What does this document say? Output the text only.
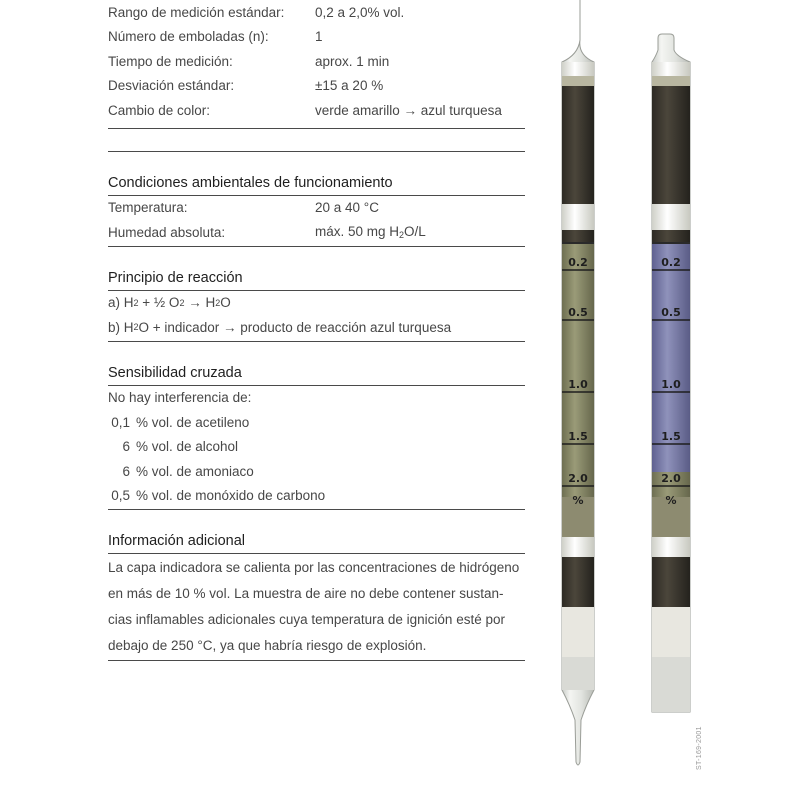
Rango de medición estándar:	0,2 a 2,0% vol.
Número de emboladas (n):	1
Tiempo de medición:	aprox. 1 min
Desviación estándar:	±15 a 20 %
Cambio de color:	verde amarillo → azul turquesa
Condiciones ambientales de funcionamiento
Temperatura:	20 a 40 °C
Humedad absoluta:	máx. 50 mg $H_2O/L$
Principio de reacción
a) H 2 + ½ O 2 → H 2 O
b) H 2 O + indicador → producto de reacción azul turquesa
Sensibilidad cruzada
No hay interferencia de:
0,1 % vol. de acetileno
6 % vol. de alcohol
6 % vol. de amoniaco
0,5 % vol. de monóxido de carbono
Información adicional
La capa indicadora se calienta por las concentraciones de hidrógeno
en más de 10 % vol. La muestra de aire no debe contener sustan-
cias inflamables adicionales cuya temperatura de ignición esté por
debajo de 250 °C, ya que habría riesgo de explosión.
0.2	0.2
0.5	0.5
1.0	1.0
1.5	1.5
2.0	2.0
%	%
ST-169-2001
